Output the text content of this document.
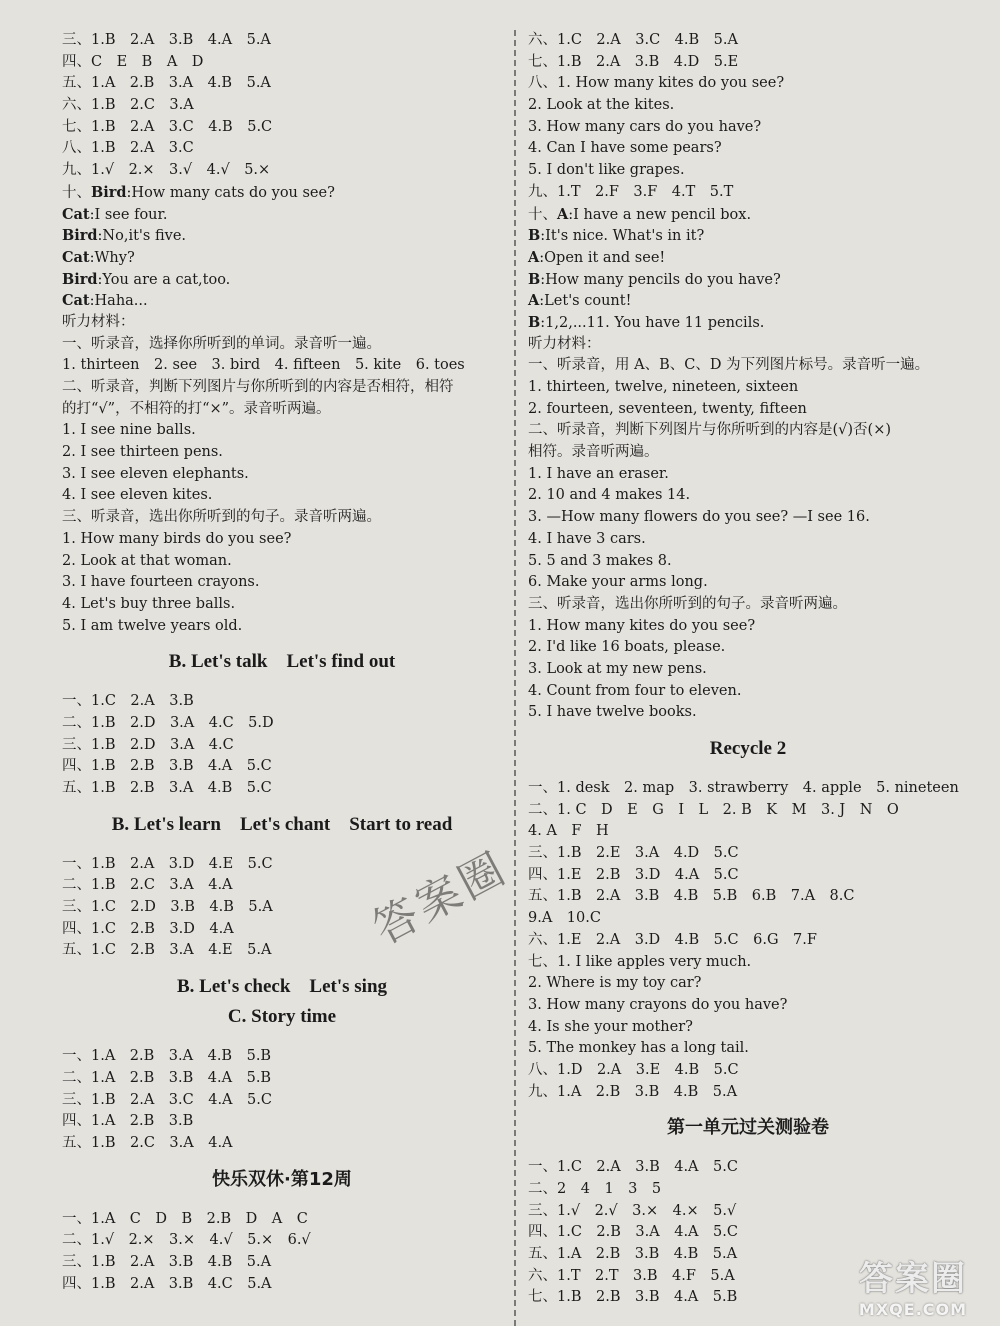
三、1.B　2.A　3.B　4.A　5.A
四、C　E　B　A　D
五、1.A　2.B　3.A　4.B　5.A
六、1.B　2.C　3.A
七、1.B　2.A　3.C　4.B　5.C
八、1.B　2.A　3.C
九、1.√　2.×　3.√　4.√　5.×
十、Bird:How many cats do you see?
Cat:I see four.
Bird:No,it's five.
Cat:Why?
Bird:You are a cat,too.
Cat:Haha...
听力材料：
一、听录音，选择你所听到的单词。录音听一遍。
1. thirteen　2. see　3. bird　4. fifteen　5. kite　6. toes
二、听录音，判断下列图片与你所听到的内容是否相符，相符
的打“√”，不相符的打“×”。录音听两遍。
1. I see nine balls.
2. I see thirteen pens.
3. I see eleven elephants.
4. I see eleven kites.
三、听录音，选出你所听到的句子。录音听两遍。
1. How many birds do you see?
2. Look at that woman.
3. I have fourteen crayons.
4. Let's buy three balls.
5. I am twelve years old.
B. Let's talk　Let's find out
一、1.C　2.A　3.B
二、1.B　2.D　3.A　4.C　5.D
三、1.B　2.D　3.A　4.C
四、1.B　2.B　3.B　4.A　5.C
五、1.B　2.B　3.A　4.B　5.C
B. Let's learn　Let's chant　Start to read
一、1.B　2.A　3.D　4.E　5.C
二、1.B　2.C　3.A　4.A
三、1.C　2.D　3.B　4.B　5.A
四、1.C　2.B　3.D　4.A
五、1.C　2.B　3.A　4.E　5.A
B. Let's check　Let's sing
C. Story time
一、1.A　2.B　3.A　4.B　5.B
二、1.A　2.B　3.B　4.A　5.B
三、1.B　2.A　3.C　4.A　5.C
四、1.A　2.B　3.B
五、1.B　2.C　3.A　4.A
快乐双休·第12周
一、1.A　C　D　B　2.B　D　A　C
二、1.√　2.×　3.×　4.√　5.×　6.√
三、1.B　2.A　3.B　4.B　5.A
四、1.B　2.A　3.B　4.C　5.A
六、1.C　2.A　3.C　4.B　5.A
七、1.B　2.A　3.B　4.D　5.E
八、1. How many kites do you see?
2. Look at the kites.
3. How many cars do you have?
4. Can I have some pears?
5. I don't like grapes.
九、1.T　2.F　3.F　4.T　5.T
十、A:I have a new pencil box.
B:It's nice. What's in it?
A:Open it and see!
B:How many pencils do you have?
A:Let's count!
B:1,2,...11. You have 11 pencils.
听力材料：
一、听录音，用 A、B、C、D 为下列图片标号。录音听一遍。
1. thirteen, twelve, nineteen, sixteen
2. fourteen, seventeen, twenty, fifteen
二、听录音，判断下列图片与你所听到的内容是(√)否(×)
相符。录音听两遍。
1. I have an eraser.
2. 10 and 4 makes 14.
3. —How many flowers do you see? —I see 16.
4. I have 3 cars.
5. 5 and 3 makes 8.
6. Make your arms long.
三、听录音，选出你所听到的句子。录音听两遍。
1. How many kites do you see?
2. I'd like 16 boats, please.
3. Look at my new pens.
4. Count from four to eleven.
5. I have twelve books.
Recycle 2
一、1. desk　2. map　3. strawberry　4. apple　5. nineteen
二、1. C　D　E　G　I　L　2. B　K　M　3. J　N　O
4. A　F　H
三、1.B　2.E　3.A　4.D　5.C
四、1.E　2.B　3.D　4.A　5.C
五、1.B　2.A　3.B　4.B　5.B　6.B　7.A　8.C
9.A　10.C
六、1.E　2.A　3.D　4.B　5.C　6.G　7.F
七、1. I like apples very much.
2. Where is my toy car?
3. How many crayons do you have?
4. Is she your mother?
5. The monkey has a long tail.
八、1.D　2.A　3.E　4.B　5.C
九、1.A　2.B　3.B　4.B　5.A
第一单元过关测验卷
一、1.C　2.A　3.B　4.A　5.C
二、2　4　1　3　5
三、1.√　2.√　3.×　4.×　5.√
四、1.C　2.B　3.A　4.A　5.C
五、1.A　2.B　3.B　4.B　5.A
六、1.T　2.T　3.B　4.F　5.A
七、1.B　2.B　3.B　4.A　5.B
答案圈
答案圈
MXQE.COM
